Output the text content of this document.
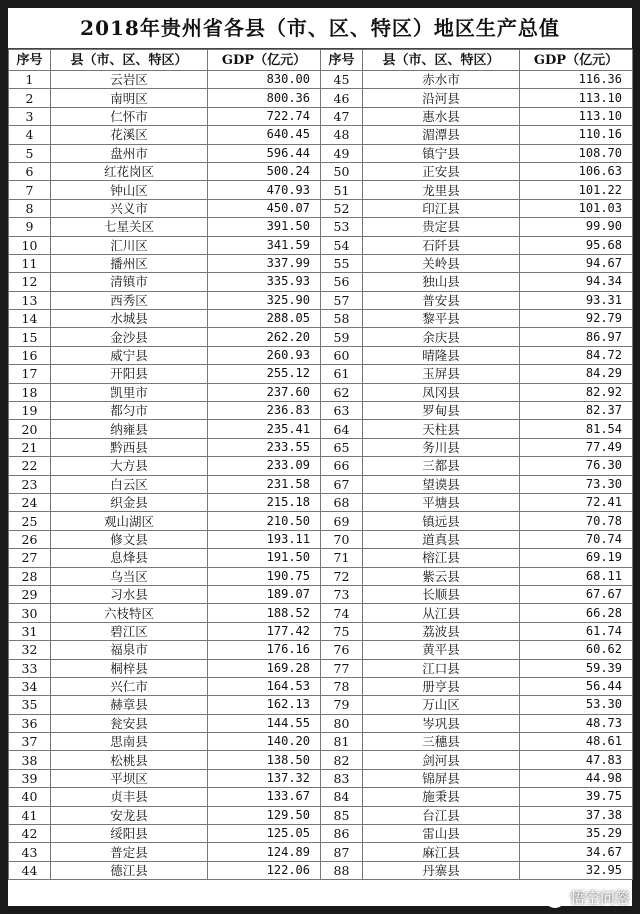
2018年贵州省各县（市、区、特区）地区生产总值
序号	县（市、区、特区）	GDP（亿元）	序号	县（市、区、特区）	GDP（亿元）
1	云岩区	830.00	45	赤水市	116.36
2	南明区	800.36	46	沿河县	113.10
3	仁怀市	722.74	47	惠水县	113.10
4	花溪区	640.45	48	湄潭县	110.16
5	盘州市	596.44	49	镇宁县	108.70
6	红花岗区	500.24	50	正安县	106.63
7	钟山区	470.93	51	龙里县	101.22
8	兴义市	450.07	52	印江县	101.03
9	七星关区	391.50	53	贵定县	99.90
10	汇川区	341.59	54	石阡县	95.68
11	播州区	337.99	55	关岭县	94.67
12	清镇市	335.93	56	独山县	94.34
13	西秀区	325.90	57	普安县	93.31
14	水城县	288.05	58	黎平县	92.79
15	金沙县	262.20	59	余庆县	86.97
16	威宁县	260.93	60	晴隆县	84.72
17	开阳县	255.12	61	玉屏县	84.29
18	凯里市	237.60	62	凤冈县	82.92
19	都匀市	236.83	63	罗甸县	82.37
20	纳雍县	235.41	64	天柱县	81.54
21	黔西县	233.55	65	务川县	77.49
22	大方县	233.09	66	三都县	76.30
23	白云区	231.58	67	望谟县	73.30
24	织金县	215.18	68	平塘县	72.41
25	观山湖区	210.50	69	镇远县	70.78
26	修文县	193.11	70	道真县	70.74
27	息烽县	191.50	71	榕江县	69.19
28	乌当区	190.75	72	紫云县	68.11
29	习水县	189.07	73	长顺县	67.67
30	六枝特区	188.52	74	从江县	66.28
31	碧江区	177.42	75	荔波县	61.74
32	福泉市	176.16	76	黄平县	60.62
33	桐梓县	169.28	77	江口县	59.39
34	兴仁市	164.53	78	册亨县	56.44
35	赫章县	162.13	79	万山区	53.30
36	瓮安县	144.55	80	岑巩县	48.73
37	思南县	140.20	81	三穗县	48.61
38	松桃县	138.50	82	剑河县	47.83
39	平坝区	137.32	83	锦屏县	44.98
40	贞丰县	133.67	84	施秉县	39.75
41	安龙县	129.50	85	台江县	37.38
42	绥阳县	125.05	86	雷山县	35.29
43	普定县	124.89	87	麻江县	34.67
44	德江县	122.06	88	丹寨县	32.95
悟空问答
